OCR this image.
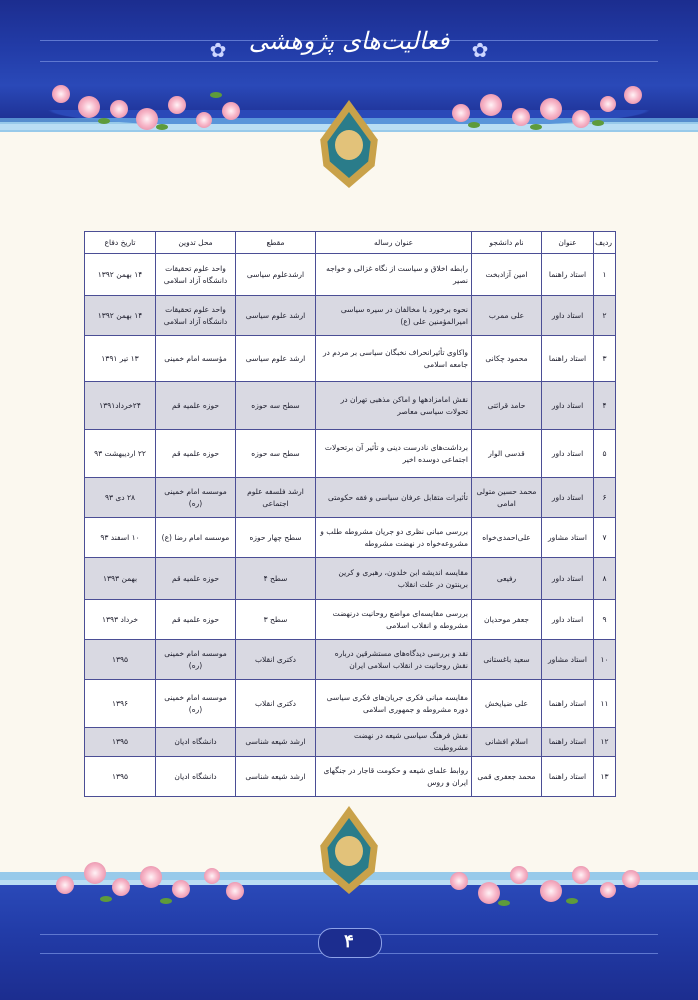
✿	✿
فعالیت‌های پژوهشی
ردیف	عنوان	نام دانشجو	عنوان رساله	مقطع	محل تدوین	تاریخ دفاع
۱	استاد راهنما	امین آزادبخت	رابطه اخلاق و سیاست از نگاه غزالی و خواجه نصیر	ارشدعلوم سیاسی	واحد علوم تحقیقات دانشگاه آزاد اسلامی	۱۴ بهمن ۱۳۹۲
۲	استاد داور	علی ممرب	نحوه برخورد با مخالفان در سیره سیاسی امیرالمؤمنین علی (ع)	ارشد علوم سیاسی	واحد علوم تحقیقات دانشگاه آزاد اسلامی	۱۴ بهمن ۱۳۹۲
۳	استاد راهنما	محمود چکانی	واکاوی تأثیرانحراف نخبگان سیاسی بر مردم در جامعه اسلامی	ارشد علوم سیاسی	مؤسسه امام خمینی	۱۳ تیر ۱۳۹۱
۴	استاد داور	حامد قرائتی	نقش امامزادهها و اماکن مذهبی تهران در تحولات سیاسی معاصر	سطح سه حوزه	حوزه علمیه قم	۲۴خرداد۱۳۹۱
۵	استاد داور	قدسی الوار	برداشت‌های نادرست دینی و تأثیر آن برتحولات اجتماعی دوسده اخیر	سطح سه حوزه	حوزه علمیه قم	۲۲ اردیبهشت ۹۳
۶	استاد داور	محمد حسین متولی امامی	تأثیرات متقابل عرفان سیاسی و فقه حکومتی	ارشد فلسفه علوم اجتماعی	موسسه امام خمینی (ره)	۲۸ دی ۹۳
۷	استاد مشاور	علی‌احمدی‌خواه	بررسی مبانی نظری دو جریان مشروطه طلب و مشروعه‌خواه در نهضت مشروطه	سطح چهار حوزه	موسسه امام رضا (ع)	۱۰ اسفند ۹۳
۸	استاد داور	رفیعی	مقایسه اندیشه ابن خلدون، رهبری و کرین برینتون در علت انقلاب	سطح ۴	حوزه علمیه قم	بهمن ۱۳۹۳
۹	استاد داور	جعفر موحدیان	بررسی مقایسه‌ای مواضع روحانیت درنهضت مشروطه و انقلاب اسلامی	سطح ۳	حوزه علمیه قم	خرداد ۱۳۹۳
۱۰	استاد مشاور	سعید باغستانی	نقد و بررسی دیدگاه‌های مستشرقین درباره نقش روحانیت در انقلاب اسلامی ایران	دکتری انقلاب	موسسه امام خمینی (ره)	۱۳۹۵
۱۱	استاد راهنما	علی ضیایخش	مقایسه مبانی فکری جریان‌های فکری سیاسی دوره مشروطه و جمهوری اسلامی	دکتری انقلاب	موسسه امام خمینی (ره)	۱۳۹۶
۱۲	استاد راهنما	اسلام افشانی	نقش فرهنگ سیاسی شیعه در نهضت مشروطیت	ارشد شیعه شناسی	دانشگاه ادیان	۱۳۹۵
۱۳	استاد راهنما	محمد جعفری قمی	روابط علمای شیعه و حکومت قاجار در جنگهای ایران و روس	ارشد شیعه شناسی	دانشگاه ادیان	۱۳۹۵
۴
